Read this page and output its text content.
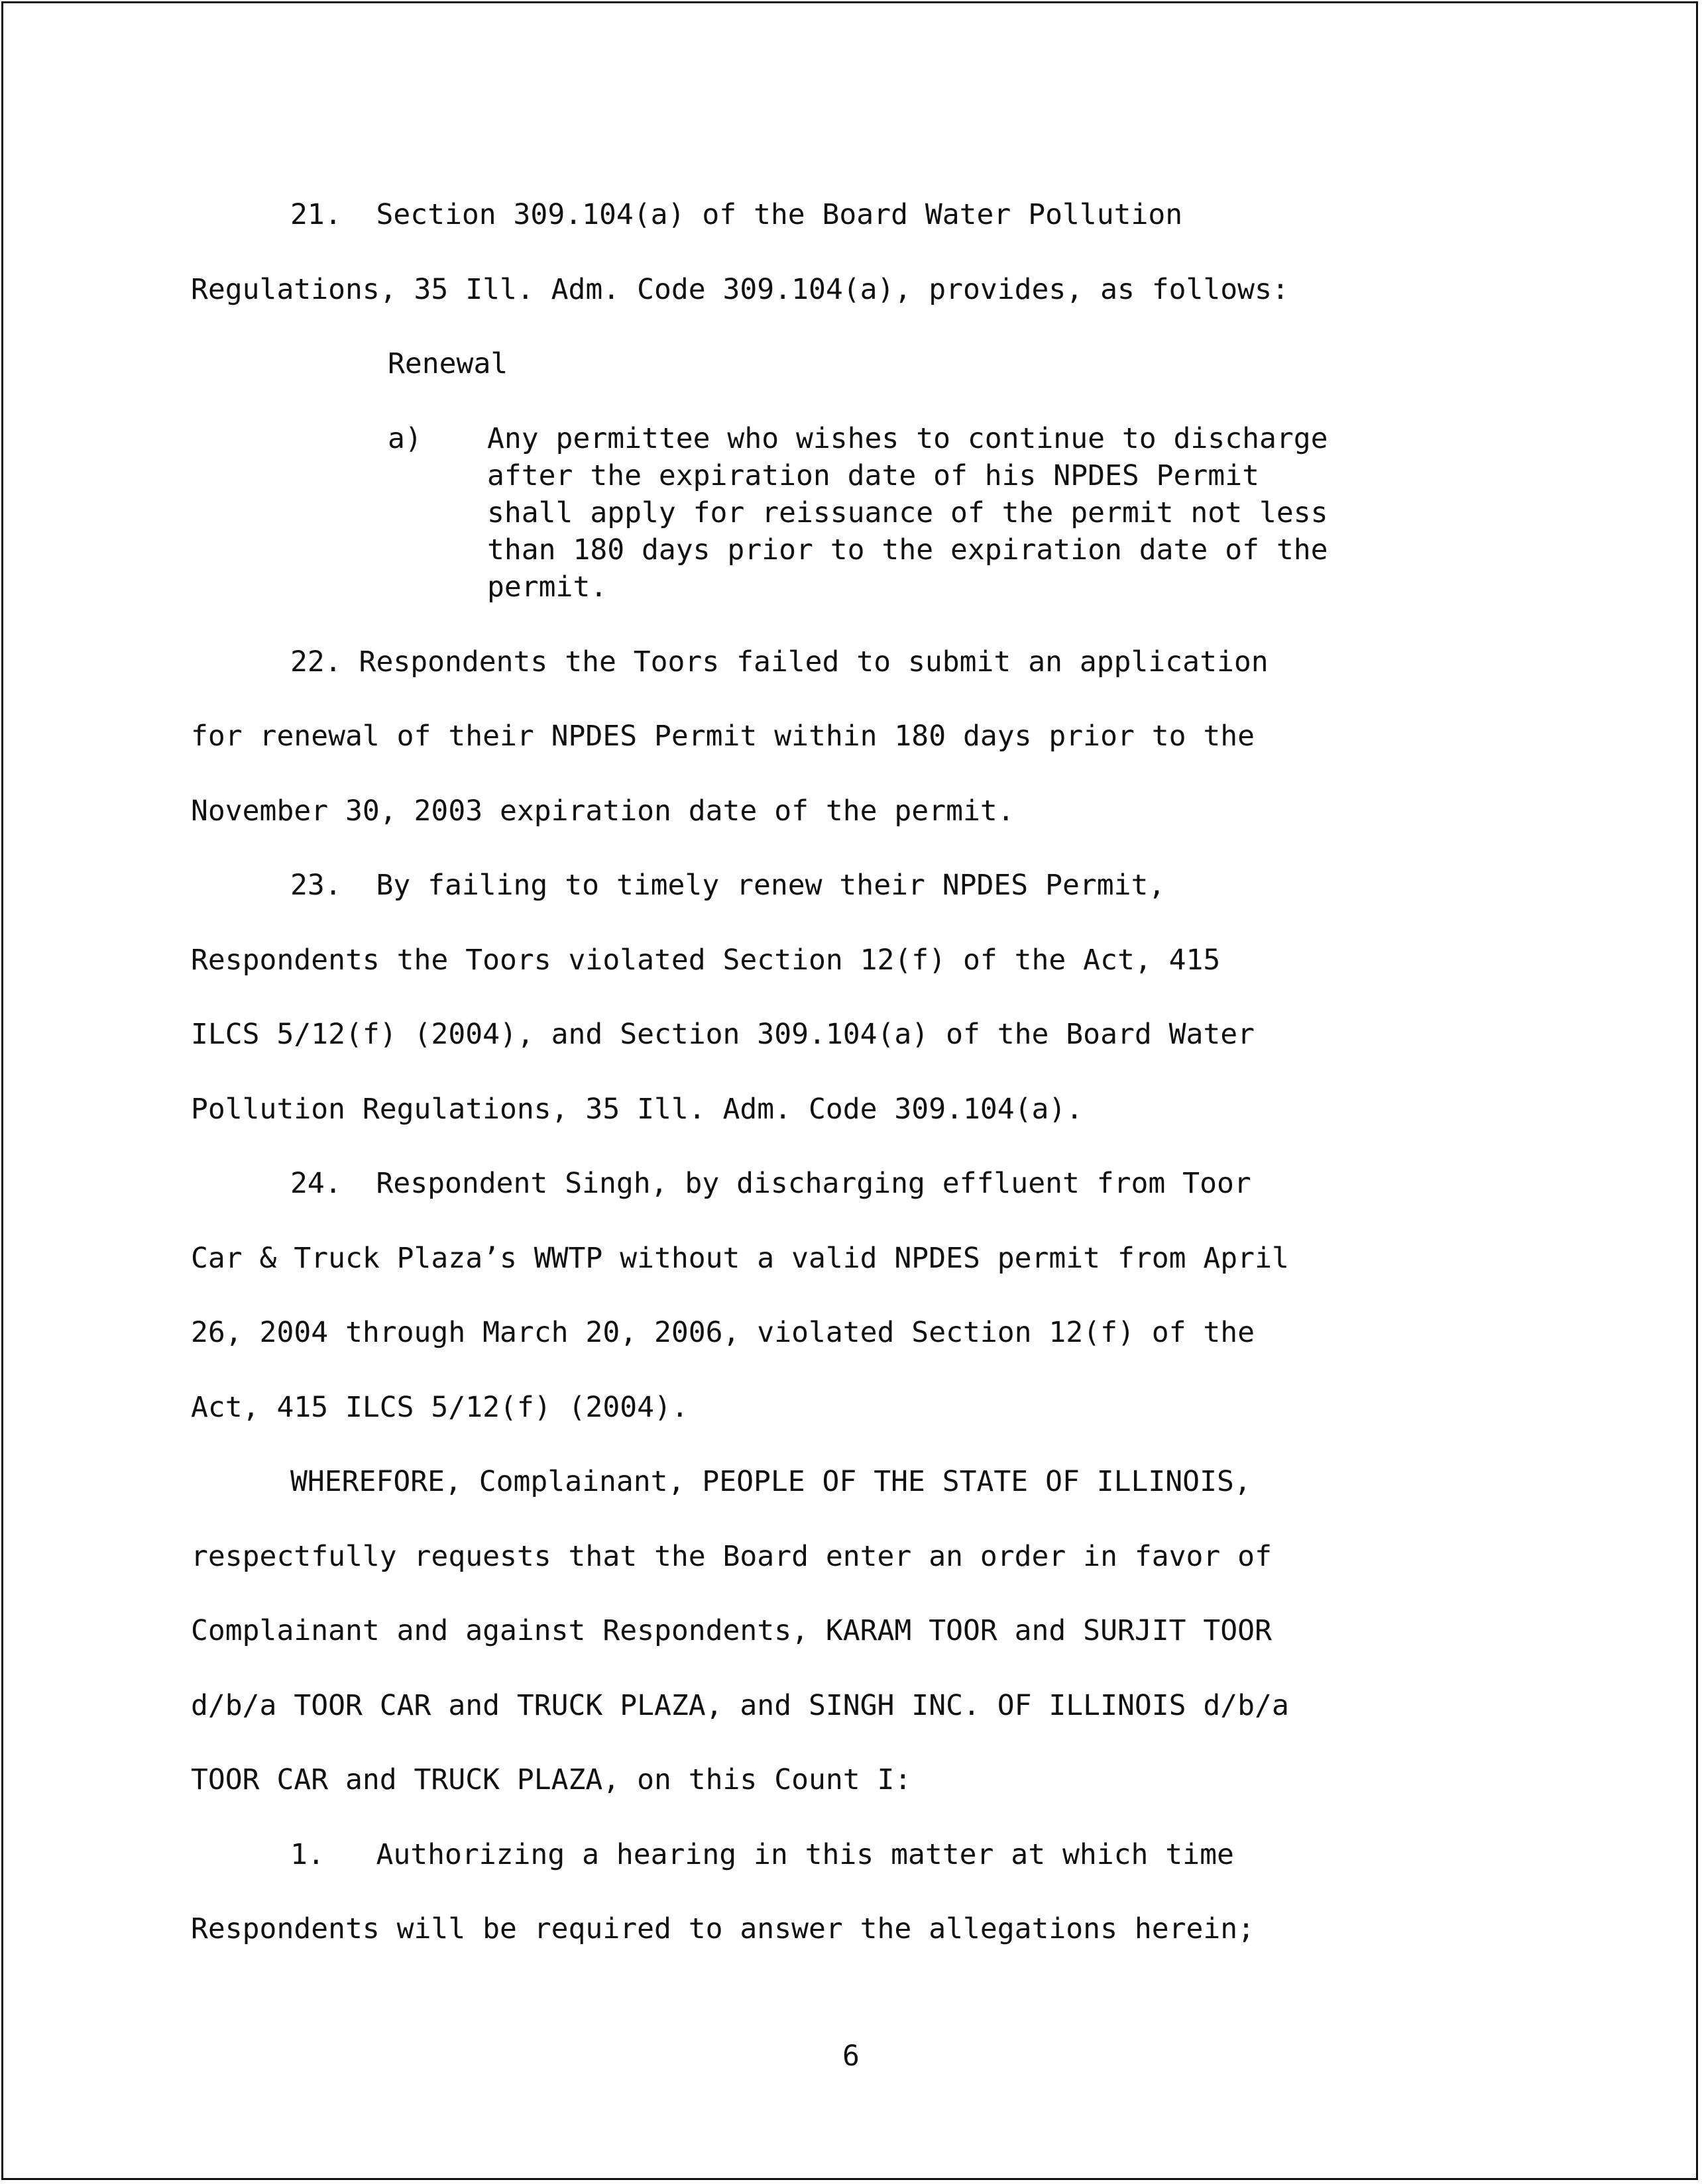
21.  Section 309.104(a) of the Board Water Pollution

Regulations, 35 Ill. Adm. Code 309.104(a), provides, as follows:

Renewal

a)

Any permittee who wishes to continue to discharge

after the expiration date of his NPDES Permit

shall apply for reissuance of the permit not less

than 180 days prior to the expiration date of the

permit.

22. Respondents the Toors failed to submit an application

for renewal of their NPDES Permit within 180 days prior to the

November 30, 2003 expiration date of the permit.

23.  By failing to timely renew their NPDES Permit,

Respondents the Toors violated Section 12(f) of the Act, 415

ILCS 5/12(f) (2004), and Section 309.104(a) of the Board Water

Pollution Regulations, 35 Ill. Adm. Code 309.104(a).

24.  Respondent Singh, by discharging effluent from Toor

Car & Truck Plaza’s WWTP without a valid NPDES permit from April

26, 2004 through March 20, 2006, violated Section 12(f) of the

Act, 415 ILCS 5/12(f) (2004).

WHEREFORE, Complainant, PEOPLE OF THE STATE OF ILLINOIS,

respectfully requests that the Board enter an order in favor of

Complainant and against Respondents, KARAM TOOR and SURJIT TOOR

d/b/a TOOR CAR and TRUCK PLAZA, and SINGH INC. OF ILLINOIS d/b/a

TOOR CAR and TRUCK PLAZA, on this Count I:

1.   Authorizing a hearing in this matter at which time

Respondents will be required to answer the allegations herein;

6
